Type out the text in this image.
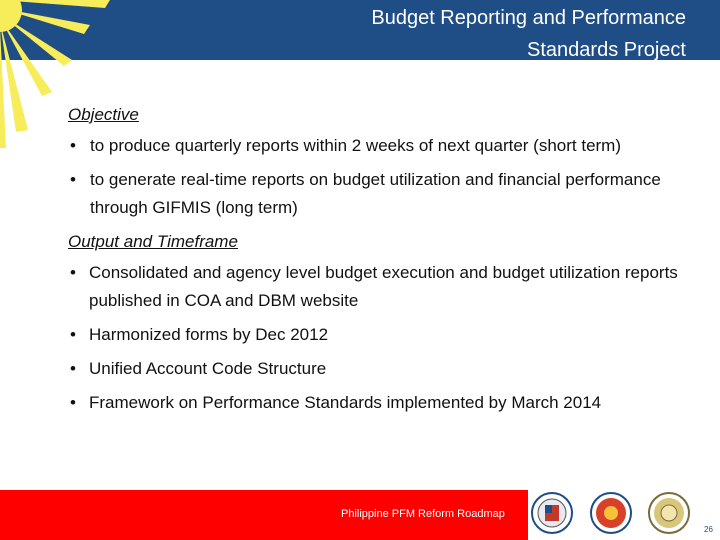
Budget Reporting and Performance
Standards Project

Objective

• to produce quarterly reports within 2 weeks of next quarter (short term)
• to generate real-time reports on budget utilization and financial performance through GIFMIS (long term)

Output and Timeframe

• Consolidated and agency level budget execution and budget utilization reports published in COA and DBM website
• Harmonized forms by Dec 2012
• Unified Account Code Structure
• Framework on Performance Standards implemented by March 2014
Philippine PFM Reform Roadmap
26
